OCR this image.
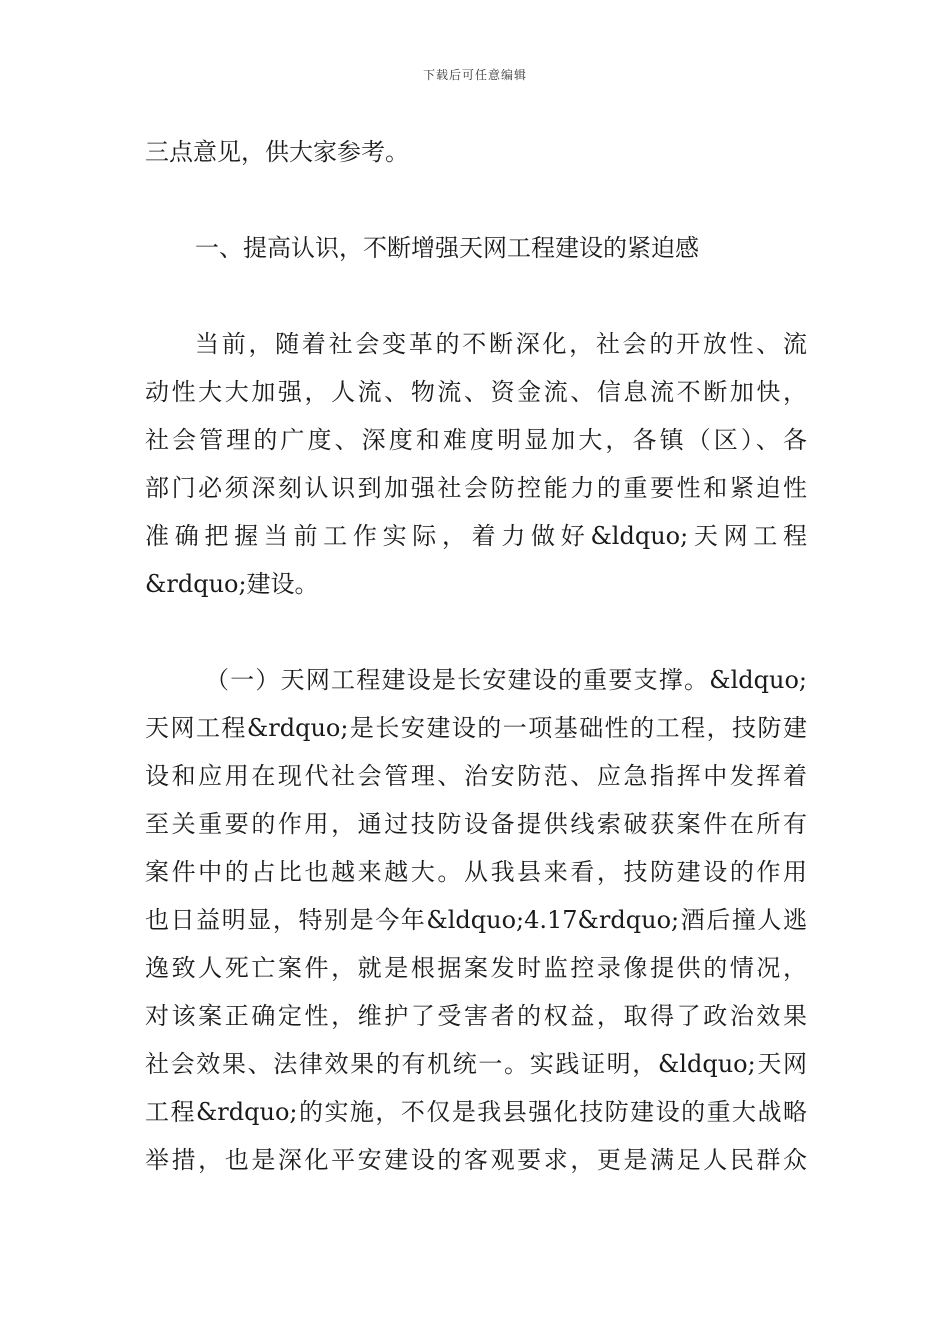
下载后可任意编辑
三点意见，供大家参考。
一、提高认识，不断增强天网工程建设的紧迫感
当前，随着社会变革的不断深化，社会的开放性、流
动性大大加强，人流、物流、资金流、信息流不断加快，
社会管理的广度、深度和难度明显加大，各镇（区）、各
部门必须深刻认识到加强社会防控能力的重要性和紧迫性
准确把握当前工作实际，着力做好&ldquo;天网工程
&rdquo;建设。
（一）天网工程建设是长安建设的重要支撑。&ldquo;
天网工程&rdquo;是长安建设的一项基础性的工程，技防建
设和应用在现代社会管理、治安防范、应急指挥中发挥着
至关重要的作用，通过技防设备提供线索破获案件在所有
案件中的占比也越来越大。从我县来看，技防建设的作用
也日益明显，特别是今年&ldquo;4.17&rdquo;酒后撞人逃
逸致人死亡案件，就是根据案发时监控录像提供的情况，
对该案正确定性，维护了受害者的权益，取得了政治效果
社会效果、法律效果的有机统一。实践证明，&ldquo;天网
工程&rdquo;的实施，不仅是我县强化技防建设的重大战略
举措，也是深化平安建设的客观要求，更是满足人民群众
